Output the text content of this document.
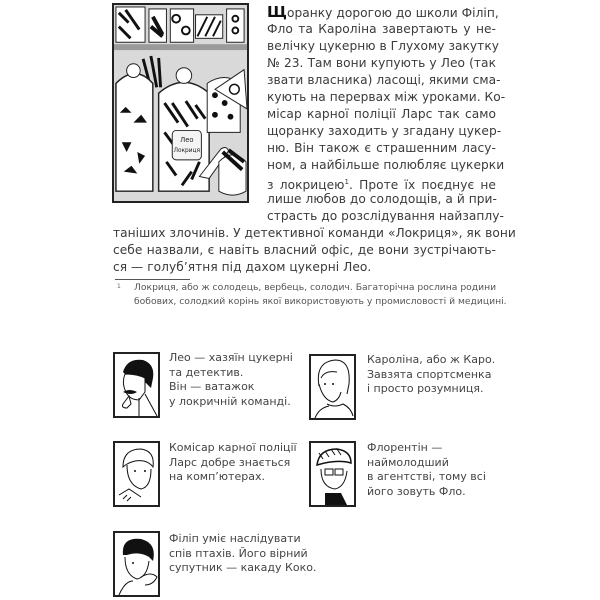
Лео
Локриця
Щоранку дорогою до школи Філіп,
Фло та Кароліна завертають у не-
велічку цукерню в Глухому закутку
№ 23. Там вони купують у Лео (так
звати власника) ласощі, якими сма-
кують на перервах між уроками. Ко-
місар карної поліції Ларс так само
щоранку заходить у згадану цукер-
ню. Він також є страшенним ласу-
ном, а найбільше полюбляє цукерки
з локрицею$^1$. Проте їх поєднує не
лише любов до солодощів, а й при-
страсть до розслідування найзаплу-
таніших злочинів. У детективної команди «Локриця», як вони
себе назвали, є навіть власний офіс, де вони зустрічають-
ся — голуб’ятня під дахом цукерні Лео.
1 Локриця, або ж солодець, вербець, солодич. Багаторічна рослина родини
бобових, солодкий корінь якої використовують у промисловості й медицині.
Лео — хазяїн цукерні
та детектив.
Він — ватажок
у локричній команді.
Кароліна, або ж Каро.
Завзята спортсменка
і просто розумниця.
Комісар карної поліції
Ларс добре знається
на комп’ютерах.
Флорентін —
наймолодший
в агентстві, тому всі
його зовуть Фло.
Філіп уміє наслідувати
спів птахів. Його вірний
супутник — какаду Коко.
